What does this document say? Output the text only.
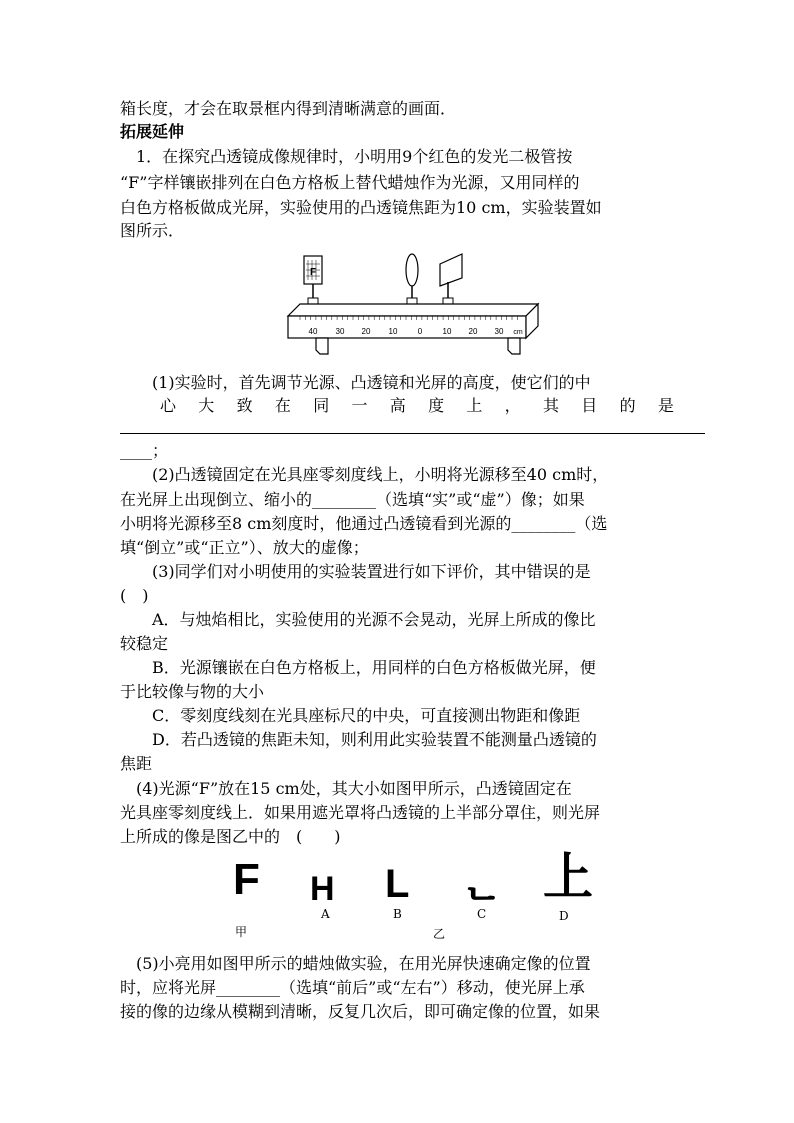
箱长度，才会在取景框内得到清晰满意的画面．
拓展延伸
　1．在探究凸透镜成像规律时，小明用9个红色的发光二极管按
“F”字样镶嵌排列在白色方格板上替代蜡烛作为光源，又用同样的
白色方格板做成光屏，实验使用的凸透镜焦距为10 cm，实验装置如
图所示．
F
40 30 20 10	0	10 20 30 cm
　　(1)实验时，首先调节光源、凸透镜和光屏的高度，使它们的中
心 大 致 在 同 一 高 度 上 ， 其 目 的 是
____；
　　(2)凸透镜固定在光具座零刻度线上，小明将光源移至40 cm时，
在光屏上出现倒立、缩小的________（选填“实”或“虚”）像；如果
小明将光源移至8 cm刻度时，他通过凸透镜看到光源的________（选
填“倒立”或“正立”）、放大的虚像；
　　(3)同学们对小明使用的实验装置进行如下评价，其中错误的是
(　)
　　A．与烛焰相比，实验使用的光源不会晃动，光屏上所成的像比
较稳定
　　B．光源镶嵌在白色方格板上，用同样的白色方格板做光屏，便
于比较像与物的大小
　　C．零刻度线刻在光具座标尺的中央，可直接测出物距和像距
　　D．若凸透镜的焦距未知，则利用此实验装置不能测量凸透镜的
焦距
　(4)光源“F”放在15 cm处，其大小如图甲所示，凸透镜固定在
光具座零刻度线上．如果用遮光罩将凸透镜的上半部分罩住，则光屏
上所成的像是图乙中的　(　　)
F
甲
H
A
L
B
ᆫ
C
上
D
乙
　(5)小亮用如图甲所示的蜡烛做实验，在用光屏快速确定像的位置
时，应将光屏________（选填“前后”或“左右”）移动，使光屏上承
接的像的边缘从模糊到清晰，反复几次后，即可确定像的位置，如果
